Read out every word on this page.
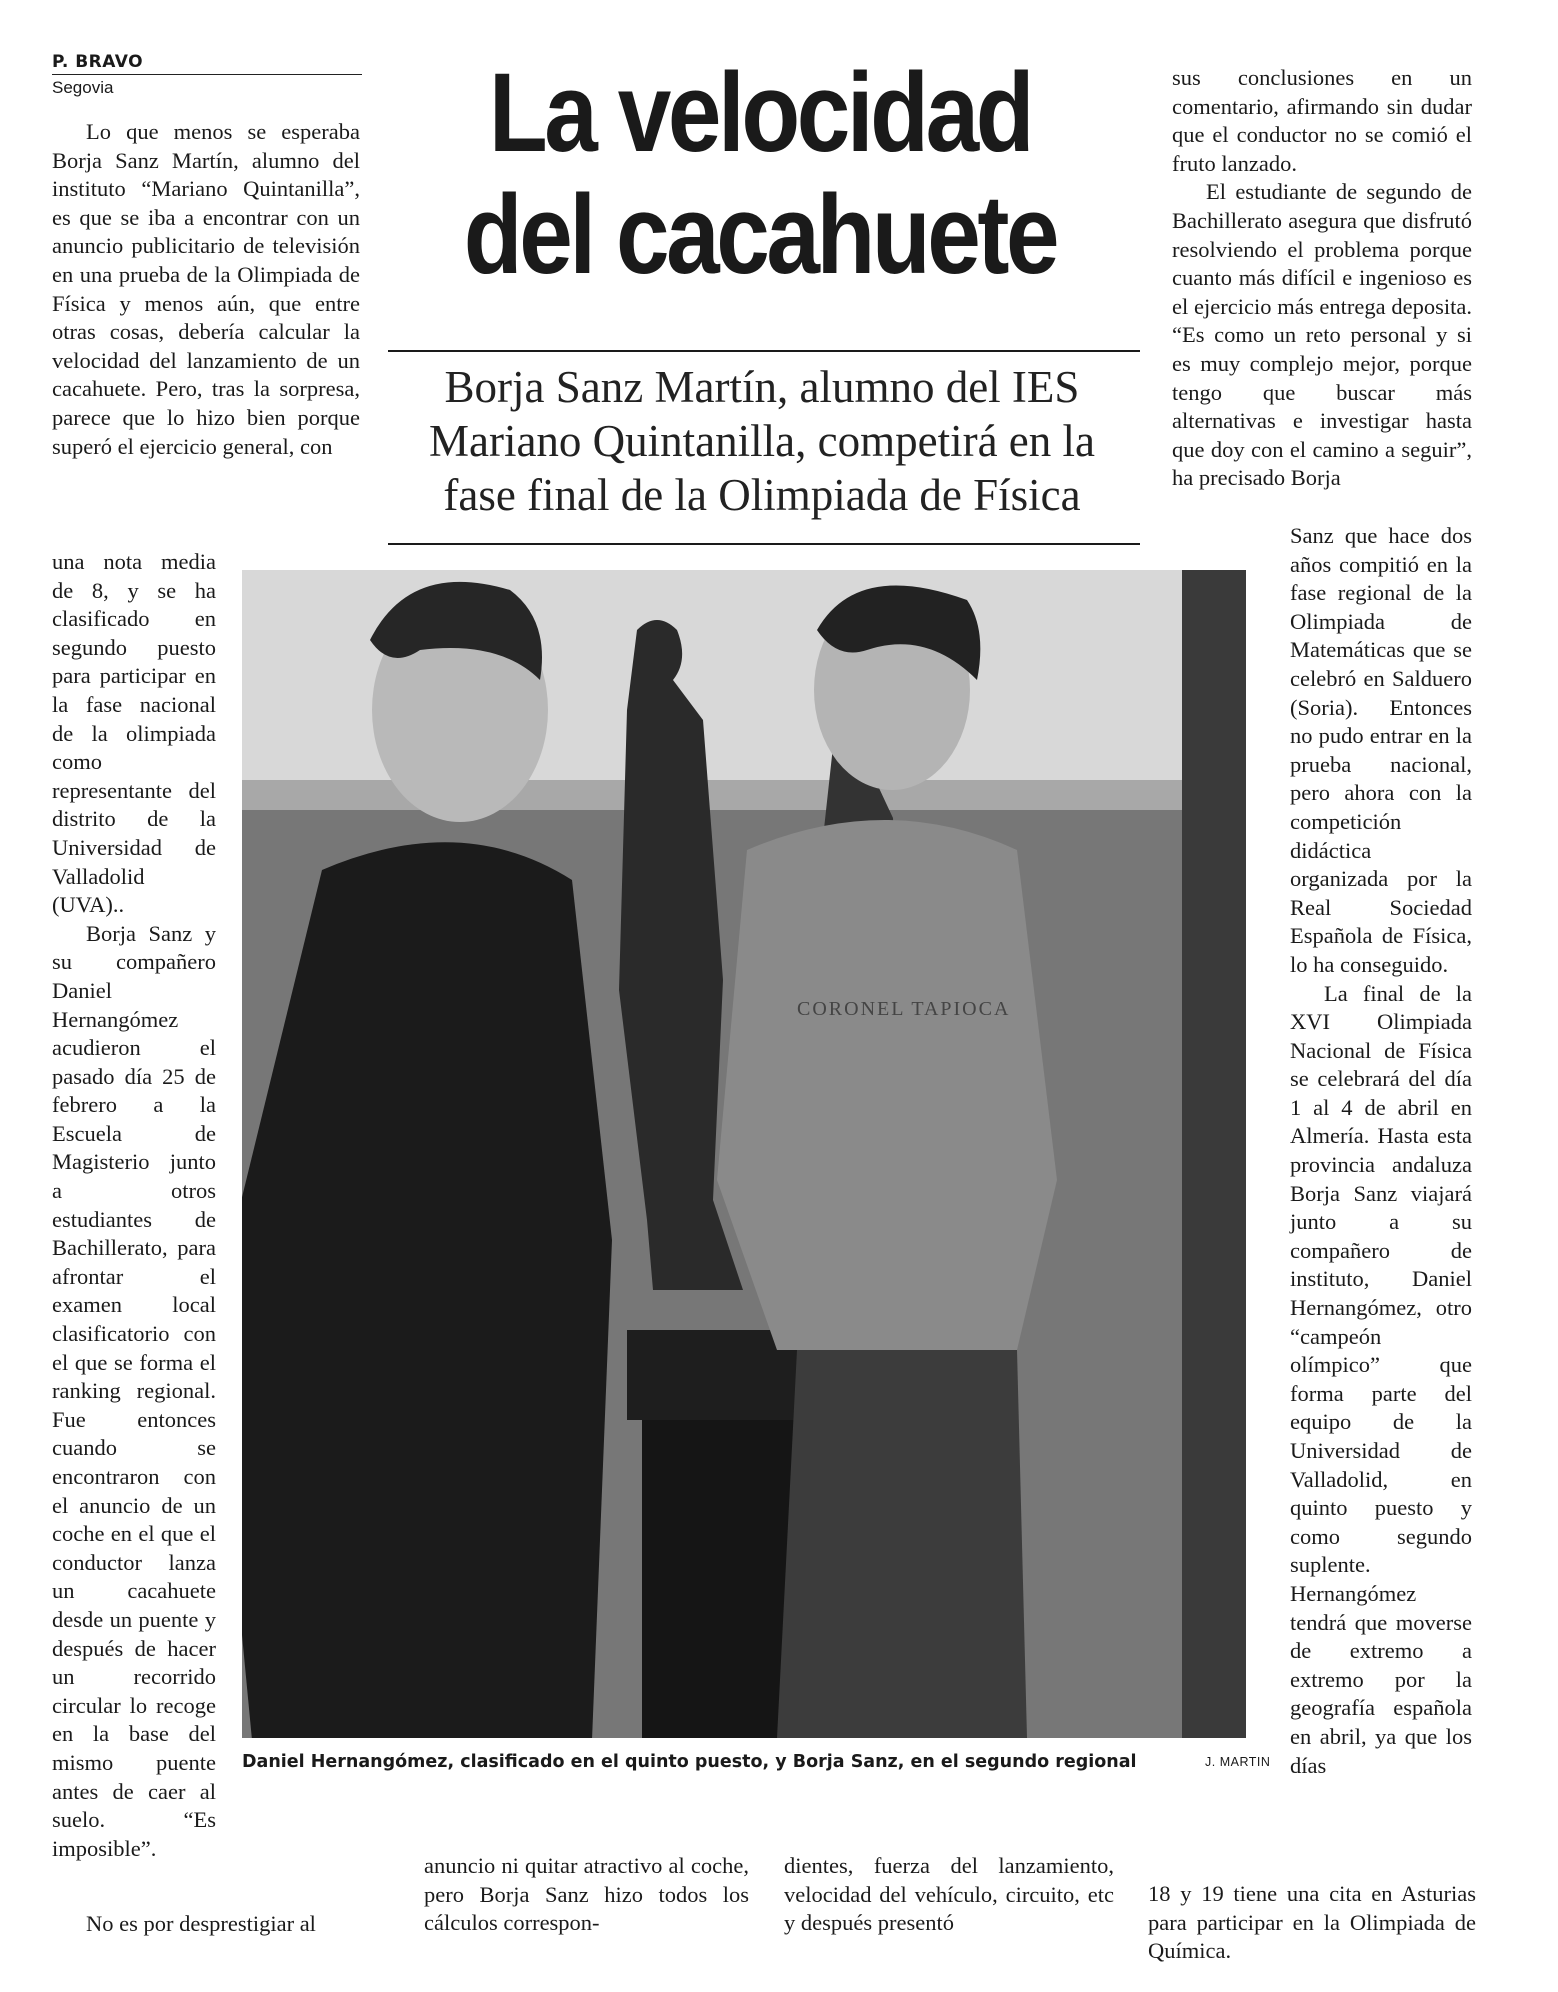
P. BRAVO
Segovia	La velocidad
del cacahuete
Borja Sanz Martín, alumno del IES Mariano Quintanilla, competirá en la fase final de la Olimpiada de Física

Lo que menos se esperaba Borja Sanz Martín, alumno del instituto “Mariano Quintanilla”, es que se iba a encontrar con un anuncio publicitario de televisión en una prueba de la Olimpiada de Física y menos aún, que entre otras cosas, debería calcular la velocidad del lanzamiento de un cacahuete. Pero, tras la sorpresa, parece que lo hizo bien porque superó el ejercicio general, con

una nota media de 8, y se ha clasificado en segundo puesto para participar en la fase nacional de la olimpiada como representante del distrito de la Universidad de Valladolid (UVA)..

Borja Sanz y su compañero Daniel Hernangómez acudieron el pasado día 25 de febrero a la Escuela de Magisterio junto a otros estudiantes de Bachillerato, para afrontar el examen local clasificatorio con el que se forma el ranking regional. Fue entonces cuando se encontraron con el anuncio de un coche en el que el conductor lanza un cacahuete desde un puente y después de hacer un recorrido circular lo recoge en la base del mismo puente antes de caer al suelo. “Es imposible”.

No es por desprestigiar al

anuncio ni quitar atractivo al coche, pero Borja Sanz hizo todos los cálculos correspon-

dientes, fuerza del lanzamiento, velocidad del vehículo, circuito, etc y después presentó

sus conclusiones en un comentario, afirmando sin dudar que el conductor no se comió el fruto lanzado.

El estudiante de segundo de Bachillerato asegura que disfrutó resolviendo el problema porque cuanto más difícil e ingenioso es el ejercicio más entrega deposita. “Es como un reto personal y si es muy complejo mejor, porque tengo que buscar más alternativas e investigar hasta que doy con el camino a seguir”, ha precisado Borja

Sanz que hace dos años compitió en la fase regional de la Olimpiada de Matemáticas que se celebró en Salduero (Soria). Entonces no pudo entrar en la prueba nacional, pero ahora con la competición didáctica organizada por la Real Sociedad Española de Física, lo ha conseguido.

La final de la XVI Olimpiada Nacional de Física se celebrará del día 1 al 4 de abril en Almería. Hasta esta provincia andaluza Borja Sanz viajará junto a su compañero de instituto, Daniel Hernangómez, otro “campeón olímpico” que forma parte del equipo de la Universidad de Valladolid, en quinto puesto y como segundo suplente. Hernangómez tendrá que moverse de extremo a extremo por la geografía española en abril, ya que los días

18 y 19 tiene una cita en Asturias para participar en la Olimpiada de Química.

CORONEL TAPIOCA
Daniel Hernangómez, clasificado en el quinto puesto, y Borja Sanz, en el segundo regional	J. MARTIN
